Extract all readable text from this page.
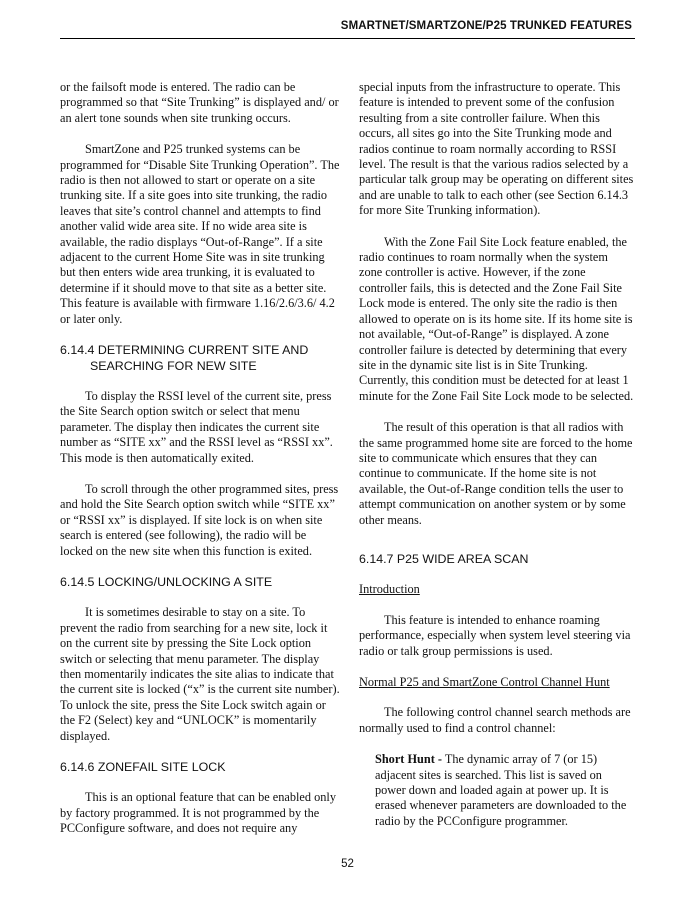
SMARTNET/SMARTZONE/P25 TRUNKED FEATURES

or the failsoft mode is entered. The radio can be programmed so that “Site Trunking” is displayed and/ or an alert tone sounds when site trunking occurs.

SmartZone and P25 trunked systems can be programmed for “Disable Site Trunking Operation”. The radio is then not allowed to start or operate on a site trunking site. If a site goes into site trunking, the radio leaves that site’s control channel and attempts to find another valid wide area site. If no wide area site is available, the radio displays “Out-of-Range”. If a site adjacent to the current Home Site was in site trunking but then enters wide area trunking, it is evaluated to determine if it should move to that site as a better site. This feature is available with firmware 1.16/2.6/3.6/ 4.2 or later only.

6.14.4 DETERMINING CURRENT SITE AND
SEARCHING FOR NEW SITE

To display the RSSI level of the current site, press the Site Search option switch or select that menu parameter. The display then indicates the current site number as “SITE xx” and the RSSI level as “RSSI xx”. This mode is then automatically exited.

To scroll through the other programmed sites, press and hold the Site Search option switch while “SITE xx” or “RSSI xx” is displayed. If site lock is on when site search is entered (see following), the radio will be locked on the new site when this function is exited.

6.14.5 LOCKING/UNLOCKING A SITE

It is sometimes desirable to stay on a site. To prevent the radio from searching for a new site, lock it on the current site by pressing the Site Lock option switch or selecting that menu parameter. The display then momentarily indicates the site alias to indicate that the current site is locked (“x” is the current site number). To unlock the site, press the Site Lock switch again or the F2 (Select) key and “UNLOCK” is momentarily displayed.

6.14.6 ZONEFAIL SITE LOCK

This is an optional feature that can be enabled only by factory programmed. It is not programmed by the PCConfigure software, and does not require any

special inputs from the infrastructure to operate. This feature is intended to prevent some of the confusion resulting from a site controller failure. When this occurs, all sites go into the Site Trunking mode and radios continue to roam normally according to RSSI level. The result is that the various radios selected by a particular talk group may be operating on different sites and are unable to talk to each other (see Section 6.14.3 for more Site Trunking information).

With the Zone Fail Site Lock feature enabled, the radio continues to roam normally when the system zone controller is active. However, if the zone controller fails, this is detected and the Zone Fail Site Lock mode is entered. The only site the radio is then allowed to operate on is its home site. If its home site is not available, “Out-of-Range” is displayed. A zone controller failure is detected by determining that every site in the dynamic site list is in Site Trunking. Currently, this condition must be detected for at least 1 minute for the Zone Fail Site Lock mode to be selected.

The result of this operation is that all radios with the same programmed home site are forced to the home site to communicate which ensures that they can continue to communicate. If the home site is not available, the Out-of-Range condition tells the user to attempt communication on another system or by some other means.

6.14.7 P25 WIDE AREA SCAN
Introduction

This feature is intended to enhance roaming performance, especially when system level steering via radio or talk group permissions is used.

Normal P25 and SmartZone Control Channel Hunt

The following control channel search methods are normally used to find a control channel:

Short Hunt - The dynamic array of 7 (or 15) adjacent sites is searched. This list is saved on power down and loaded again at power up. It is erased whenever parameters are downloaded to the radio by the PCConfigure programmer.

52
